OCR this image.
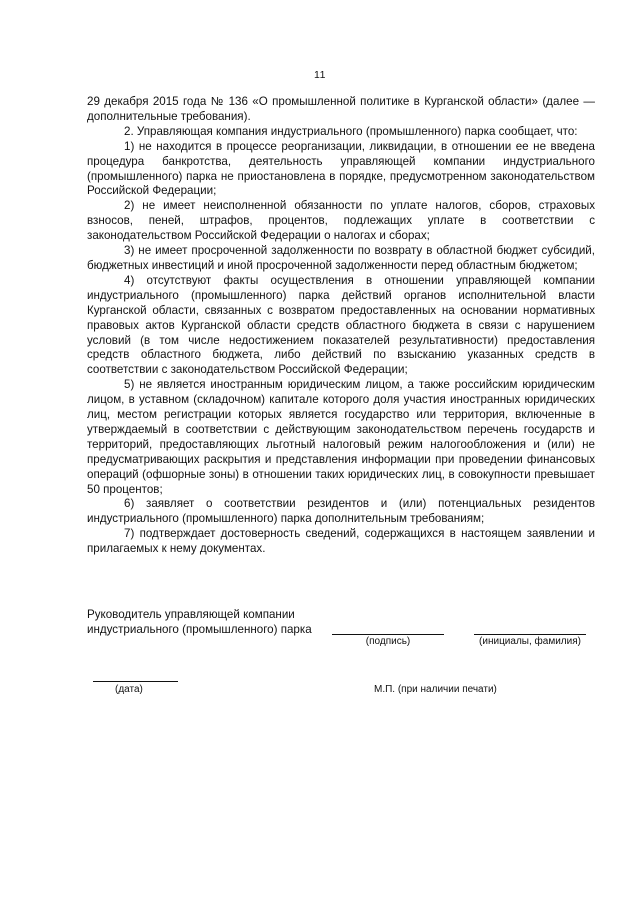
11

29 декабря 2015 года № 136 «О промышленной политике в Курганской области» (далее — дополнительные требования).

2. Управляющая компания индустриального (промышленного) парка сообщает, что:

1) не находится в процессе реорганизации, ликвидации, в отношении ее не введена процедура банкротства, деятельность управляющей компании индустриального (промышленного) парка не приостановлена в порядке, предусмотренном законодательством Российской Федерации;

2) не имеет неисполненной обязанности по уплате налогов, сборов, страховых взносов, пеней, штрафов, процентов, подлежащих уплате в соответствии с законодательством Российской Федерации о налогах и сборах;

3) не имеет просроченной задолженности по возврату в областной бюджет субсидий, бюджетных инвестиций и иной просроченной задолженности перед областным бюджетом;

4) отсутствуют факты осуществления в отношении управляющей компании индустриального (промышленного) парка действий органов исполнительной власти Курганской области, связанных с возвратом предоставленных на основании нормативных правовых актов Курганской области средств областного бюджета в связи с нарушением условий (в том числе недостижением показателей результативности) предоставления средств областного бюджета, либо действий по взысканию указанных средств в соответствии с законодательством Российской Федерации;

5) не является иностранным юридическим лицом, а также российским юридическим лицом, в уставном (складочном) капитале которого доля участия иностранных юридических лиц, местом регистрации которых является государство или территория, включенные в утверждаемый в соответствии с действующим законодательством перечень государств и территорий, предоставляющих льготный налоговый режим налогообложения и (или) не предусматривающих раскрытия и представления информации при проведении финансовых операций (офшорные зоны) в отношении таких юридических лиц, в совокупности превышает 50 процентов;

6) заявляет о соответствии резидентов и (или) потенциальных резидентов индустриального (промышленного) парка дополнительным требованиям;

7) подтверждает достоверность сведений, содержащихся в настоящем заявлении и прилагаемых к нему документах.

Руководитель управляющей компании
индустриального (промышленного) парка
(подпись)	(инициалы, фамилия)
(дата)	М.П. (при наличии печати)
